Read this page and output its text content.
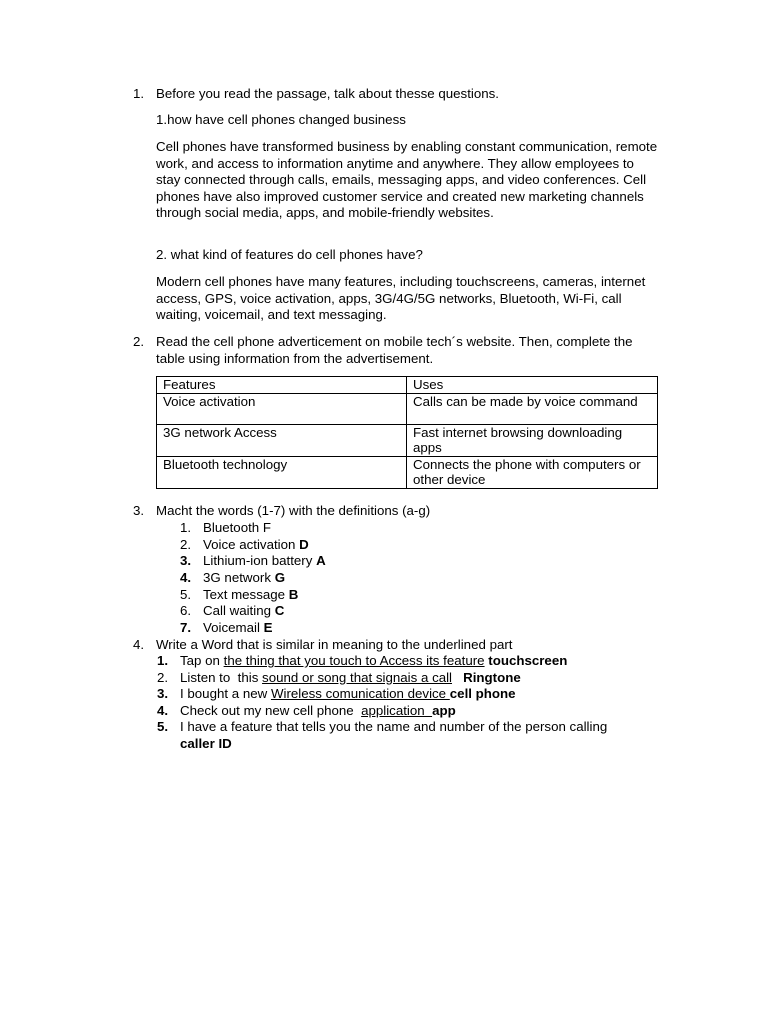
1. Before you read the passage, talk about thesse questions.
1.how have cell phones changed business
Cell phones have transformed business by enabling constant communication, remote work, and access to information anytime and anywhere. They allow employees to stay connected through calls, emails, messaging apps, and video conferences. Cell phones have also improved customer service and created new marketing channels through social media, apps, and mobile-friendly websites.
2. what kind of features do cell phones have?
Modern cell phones have many features, including touchscreens, cameras, internet access, GPS, voice activation, apps, 3G/4G/5G networks, Bluetooth, Wi-Fi, call waiting, voicemail, and text messaging.
2. Read the cell phone adverticement on mobile tech´s website. Then, complete the table using information from the advertisement.
Features	Uses
Voice activation	Calls can be made by voice command
3G network Access	Fast internet browsing downloading apps
Bluetooth technology	Connects the phone with computers or other device
3. Macht the words (1-7) with the definitions (a-g)
1. Bluetooth F
2. Voice activation D
3. Lithium-ion battery A
4. 3G network G
5. Text message B
6. Call waiting C
7. Voicemail E
4. Write a Word that is similar in meaning to the underlined part
1. Tap on the thing that you touch to Access its feature touchscreen
2. Listen to  this sound or song that signais a call Ringtone
3. I bought a new Wireless comunication device cell phone
4. Check out my new cell phone  application  app
5. I have a feature that tells you the name and number of the person calling
caller ID
